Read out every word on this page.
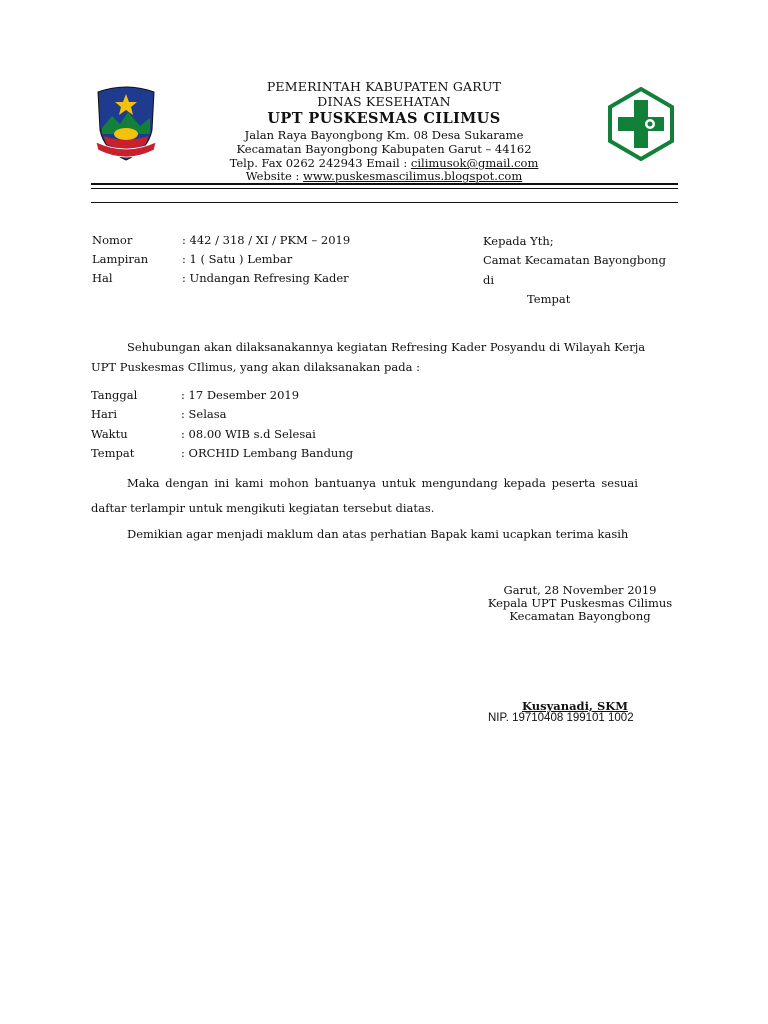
PEMERINTAH KABUPATEN GARUT
DINAS KESEHATAN
UPT PUSKESMAS CILIMUS
Jalan Raya Bayongbong Km. 08 Desa Sukarame
Kecamatan Bayongbong Kabupaten Garut – 44162
Telp. Fax 0262 242943 Email : cilimusok@gmail.com
Website : www.puskesmascilimus.blogspot.com
Nomor	: 442 / 318 / XI / PKM – 2019
Lampiran	: 1 ( Satu ) Lembar
Hal	: Undangan Refresing Kader
Kepada Yth;
Camat Kecamatan Bayongbong
di
Tempat
Sehubungan akan dilaksanakannya kegiatan Refresing Kader Posyandu di Wilayah Kerja
UPT Puskesmas CIlimus, yang akan dilaksanakan pada :
Tanggal	: 17 Desember 2019
Hari	: Selasa
Waktu	: 08.00 WIB s.d Selesai
Tempat	: ORCHID Lembang Bandung
Maka dengan ini kami mohon bantuanya untuk mengundang kepada peserta sesuai
daftar terlampir untuk mengikuti kegiatan tersebut diatas.
Demikian agar menjadi maklum dan atas perhatian Bapak kami ucapkan terima kasih
Garut, 28 November 2019
Kepala UPT Puskesmas Cilimus
Kecamatan Bayongbong
Kusyanadi, SKM
NIP. 19710408 199101 1002
